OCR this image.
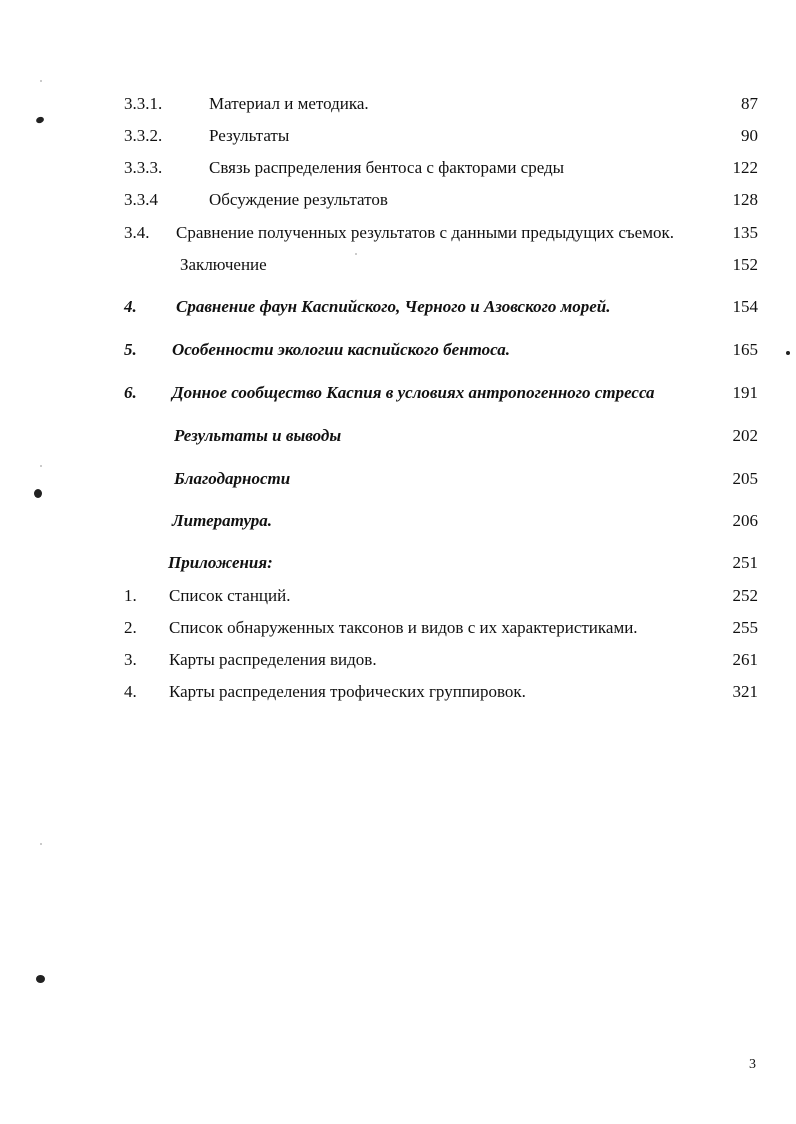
3.3.1.	Материал и методика.	87
3.3.2.	Результаты	90
3.3.3.	Связь распределения бентоса с факторами среды	122
3.3.4	Обсуждение результатов	128
3.4. Сравнение полученных результатов с данными предыдущих съемок.	135
Заключение	152
4. Сравнение фаун Каспийского, Черного и Азовского морей.	154
5. Особенности экологии каспийского бентоса.	165
6. Донное сообщество Каспия в условиях антропогенного стресса	191
Результаты и выводы	202
Благодарности	205
Литература.	206
Приложения:	251
1. Список станций.	252
2. Список обнаруженных таксонов и видов с их характеристиками.	255
3. Карты распределения видов.	261
4. Карты распределения трофических группировок.	321
3
